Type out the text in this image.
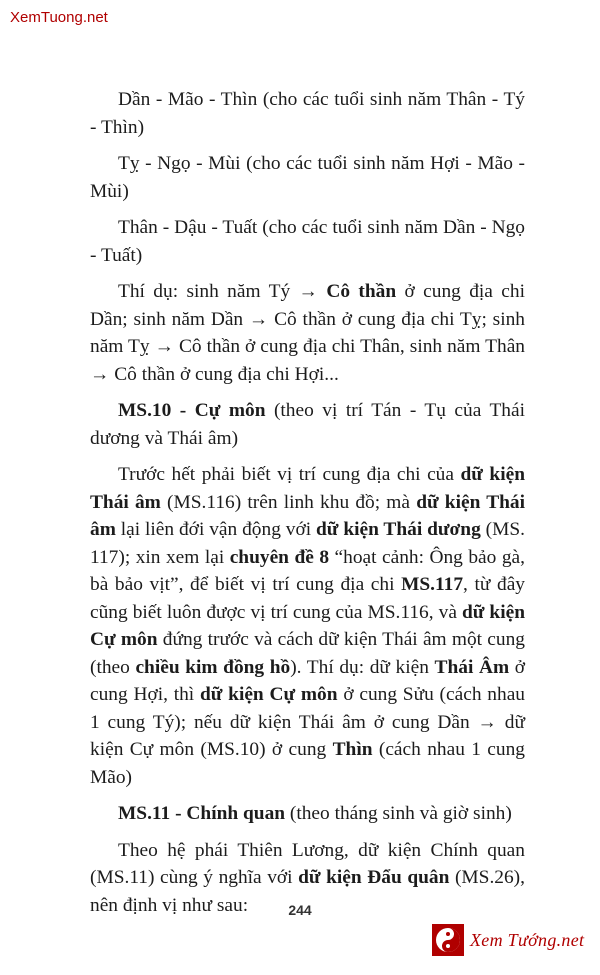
XemTuong.net

Dần - Mão - Thìn (cho các tuổi sinh năm Thân - Tý - Thìn)

Tỵ - Ngọ - Mùi (cho các tuổi sinh năm Hợi - Mão - Mùi)

Thân - Dậu - Tuất (cho các tuổi sinh năm Dần - Ngọ - Tuất)

Thí dụ: sinh năm Tý → Cô thần ở cung địa chi Dần; sinh năm Dần → Cô thần ở cung địa chi Tỵ; sinh năm Tỵ → Cô thần ở cung địa chi Thân, sinh năm Thân → Cô thần ở cung địa chi Hợi...

MS.10 - Cự môn (theo vị trí Tán - Tụ của Thái dương và Thái âm)

Trước hết phải biết vị trí cung địa chi của dữ kiện Thái âm (MS.116) trên linh khu đồ; mà dữ kiện Thái âm lại liên đới vận động với dữ kiện Thái dương (MS. 117); xin xem lại chuyên đề 8 “hoạt cảnh: Ông bảo gà, bà bảo vịt”, để biết vị trí cung địa chi MS.117, từ đây cũng biết luôn được vị trí cung của MS.116, và dữ kiện Cự môn đứng trước và cách dữ kiện Thái âm một cung (theo chiều kim đồng hồ). Thí dụ: dữ kiện Thái Âm ở cung Hợi, thì dữ kiện Cự môn ở cung Sửu (cách nhau 1 cung Tý); nếu dữ kiện Thái âm ở cung Dần → dữ kiện Cự môn (MS.10) ở cung Thìn (cách nhau 1 cung Mão)

MS.11 - Chính quan (theo tháng sinh và giờ sinh)

Theo hệ phái Thiên Lương, dữ kiện Chính quan (MS.11) cùng ý nghĩa với dữ kiện Đẩu quân (MS.26), nên định vị như sau:	244
Xem Tướng.net
